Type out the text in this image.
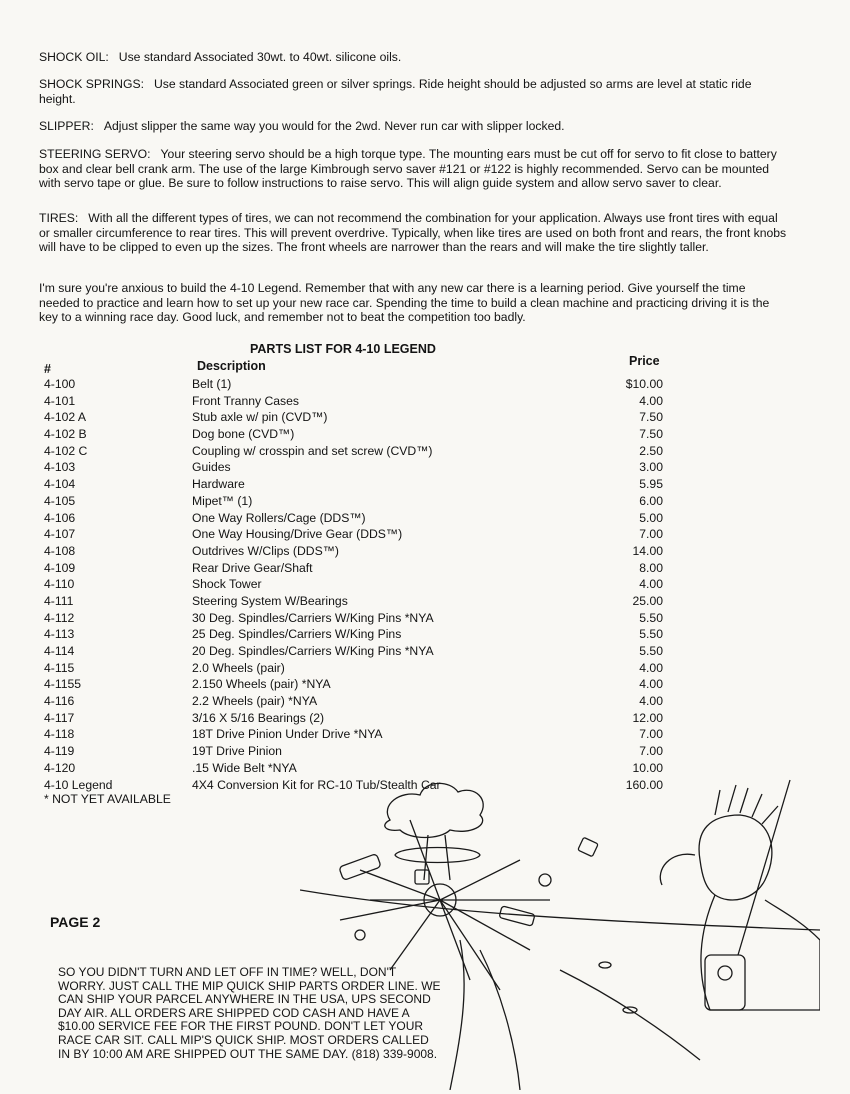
SHOCK OIL: Use standard Associated 30wt. to 40wt. silicone oils.

SHOCK SPRINGS: Use standard Associated green or silver springs. Ride height should be adjusted so arms are level at static ride height.

SLIPPER: Adjust slipper the same way you would for the 2wd. Never run car with slipper locked.

STEERING SERVO: Your steering servo should be a high torque type. The mounting ears must be cut off for servo to fit close to battery box and clear bell crank arm. The use of the large Kimbrough servo saver #121 or #122 is highly recommended. Servo can be mounted with servo tape or glue. Be sure to follow instructions to raise servo. This will align guide system and allow servo saver to clear.

TIRES: With all the different types of tires, we can not recommend the combination for your application. Always use front tires with equal or smaller circumference to rear tires. This will prevent overdrive. Typically, when like tires are used on both front and rears, the front knobs will have to be clipped to even up the sizes. The front wheels are narrower than the rears and will make the tire slightly taller.

I'm sure you're anxious to build the 4-10 Legend. Remember that with any new car there is a learning period. Give yourself the time needed to practice and learn how to set up your new race car. Spending the time to build a clean machine and practicing driving it is the key to a winning race day. Good luck, and remember not to beat the competition too badly.

PARTS LIST FOR 4-10 LEGEND

#	Description	Price
4-100	Belt (1)	$10.00
4-101	Front Tranny Cases	4.00
4-102 A	Stub axle w/ pin (CVD™)	7.50
4-102 B	Dog bone (CVD™)	7.50
4-102 C	Coupling w/ crosspin and set screw (CVD™)	2.50
4-103	Guides	3.00
4-104	Hardware	5.95
4-105	Mipet™ (1)	6.00
4-106	One Way Rollers/Cage (DDS™)	5.00
4-107	One Way Housing/Drive Gear (DDS™)	7.00
4-108	Outdrives W/Clips (DDS™)	14.00
4-109	Rear Drive Gear/Shaft	8.00
4-110	Shock Tower	4.00
4-111	Steering System W/Bearings	25.00
4-112	30 Deg. Spindles/Carriers W/King Pins *NYA	5.50
4-113	25 Deg. Spindles/Carriers W/King Pins	5.50
4-114	20 Deg. Spindles/Carriers W/King Pins *NYA	5.50
4-115	2.0 Wheels (pair)	4.00
4-1155	2.150 Wheels (pair) *NYA	4.00
4-116	2.2 Wheels (pair) *NYA	4.00
4-117	3/16 X 5/16 Bearings (2)	12.00
4-118	18T Drive Pinion Under Drive *NYA	7.00
4-119	19T Drive Pinion	7.00
4-120	.15 Wide Belt *NYA	10.00
4-10 Legend	4X4 Conversion Kit for RC-10 Tub/Stealth Car	160.00
* NOT YET AVAILABLE
PAGE 2

SO YOU DIDN'T TURN AND LET OFF IN TIME? WELL, DON'T WORRY. JUST CALL THE MIP QUICK SHIP PARTS ORDER LINE. WE CAN SHIP YOUR PARCEL ANYWHERE IN THE USA, UPS SECOND DAY AIR. ALL ORDERS ARE SHIPPED COD CASH AND HAVE A $10.00 SERVICE FEE FOR THE FIRST POUND. DON'T LET YOUR RACE CAR SIT. CALL MIP'S QUICK SHIP. MOST ORDERS CALLED IN BY 10:00 AM ARE SHIPPED OUT THE SAME DAY. (818) 339-9008.
